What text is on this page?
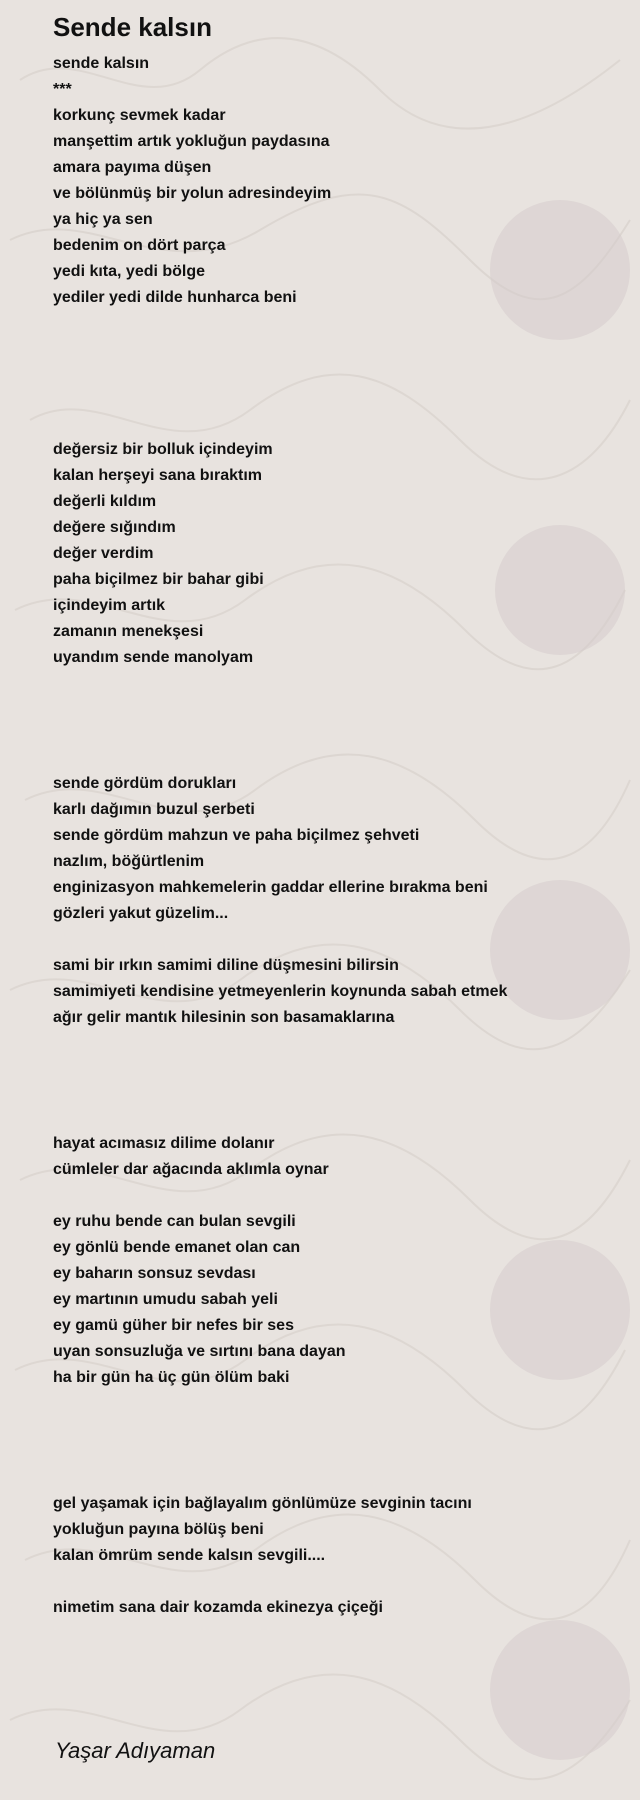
Sende kalsın
sende kalsın
***
korkunç sevmek kadar
manşettim artık yokluğun paydasına
amara payıma düşen
ve bölünmüş bir yolun adresindeyim
ya hiç ya sen
bedenim on dört parça
yedi kıta, yedi bölge
yediler yedi dilde hunharca beni
değersiz bir bolluk içindeyim
kalan herşeyi sana bıraktım
değerli kıldım
değere sığındım
değer verdim
paha biçilmez bir bahar gibi
içindeyim artık
zamanın menekşesi
uyandım sende manolyam
sende gördüm dorukları
karlı dağımın buzul şerbeti
sende gördüm mahzun ve paha biçilmez şehveti
nazlım, böğürtlenim
enginizasyon mahkemelerin gaddar ellerine bırakma beni
gözleri yakut güzelim...
sami bir ırkın samimi diline düşmesini bilirsin
samimiyeti kendisine yetmeyenlerin koynunda sabah etmek
ağır gelir mantık hilesinin son basamaklarına
hayat acımasız dilime dolanır
cümleler dar ağacında aklımla oynar
ey ruhu bende can bulan sevgili
ey gönlü bende emanet olan can
ey baharın sonsuz sevdası
ey martının umudu sabah yeli
ey gamü güher bir nefes bir ses
uyan sonsuzluğa ve sırtını bana dayan
ha bir gün ha üç gün ölüm baki
gel yaşamak için bağlayalım gönlümüze sevginin tacını
yokluğun payına bölüş beni
kalan ömrüm sende kalsın sevgili....
nimetim sana dair kozamda ekinezya çiçeği
Yaşar Adıyaman
